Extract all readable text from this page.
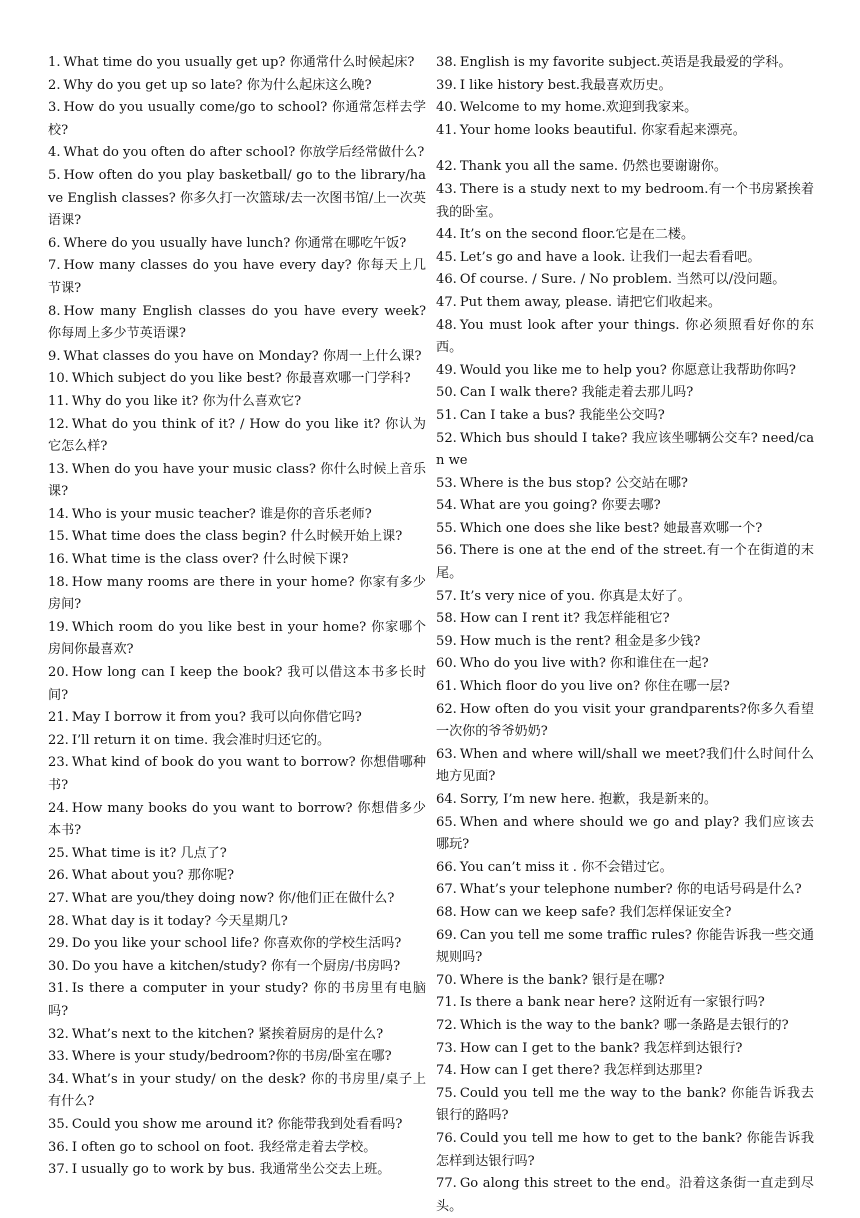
1. What time do you usually get up? 你通常什么时候起床?

2. Why do you get up so late? 你为什么起床这么晚?

3. How do you usually come/go to school? 你通常怎样去学校?

4. What do you often do after school? 你放学后经常做什么?

5. How often do you play basketball/ go to the library/have English classes? 你多久打一次篮球/去一次图书馆/上一次英语课?

6. Where do you usually have lunch? 你通常在哪吃午饭?

7. How many classes do you have every day? 你每天上几节课?

8. How many English classes do you have every week? 你每周上多少节英语课?

9. What classes do you have on Monday? 你周一上什么课?

10. Which subject do you like best? 你最喜欢哪一门学科?

11. Why do you like it? 你为什么喜欢它?

12. What do you think of it? / How do you like it? 你认为它怎么样?

13. When do you have your music class? 你什么时候上音乐课?

14. Who is your music teacher? 谁是你的音乐老师?

15. What time does the class begin? 什么时候开始上课?

16. What time is the class over? 什么时候下课?

18. How many rooms are there in your home? 你家有多少房间?

19. Which room do you like best in your home? 你家哪个房间你最喜欢?

20. How long can I keep the book? 我可以借这本书多长时间?

21. May I borrow it from you? 我可以向你借它吗?

22. I’ll return it on time. 我会准时归还它的。

23. What kind of book do you want to borrow? 你想借哪种书?

24. How many books do you want to borrow? 你想借多少本书?

25. What time is it? 几点了?

26. What about you? 那你呢?

27. What are you/they doing now? 你/他们正在做什么?

28. What day is it today? 今天星期几?

29. Do you like your school life? 你喜欢你的学校生活吗?

30. Do you have a kitchen/study? 你有一个厨房/书房吗?

31. Is there a computer in your study? 你的书房里有电脑吗?

32. What’s next to the kitchen? 紧挨着厨房的是什么?

33. Where is your study/bedroom?你的书房/卧室在哪?

34. What’s in your study/ on the desk? 你的书房里/桌子上有什么?

35. Could you show me around it? 你能带我到处看看吗?

36. I often go to school on foot. 我经常走着去学校。

37. I usually go to work by bus. 我通常坐公交去上班。

38. English is my favorite subject.英语是我最爱的学科。

39. I like history best.我最喜欢历史。

40. Welcome to my home.欢迎到我家来。

41. Your home looks beautiful. 你家看起来漂亮。

42. Thank you all the same. 仍然也要谢谢你。

43. There is a study next to my bedroom.有一个书房紧挨着我的卧室。

44. It’s on the second floor.它是在二楼。

45. Let’s go and have a look. 让我们一起去看看吧。

46. Of course. / Sure. / No problem. 当然可以/没问题。

47. Put them away, please. 请把它们收起来。

48. You must look after your things. 你必须照看好你的东西。

49. Would you like me to help you? 你愿意让我帮助你吗?

50. Can I walk there? 我能走着去那儿吗?

51. Can I take a bus? 我能坐公交吗?

52. Which bus should I take? 我应该坐哪辆公交车? need/can we

53. Where is the bus stop? 公交站在哪?

54. What are you going? 你要去哪?

55. Which one does she like best? 她最喜欢哪一个?

56. There is one at the end of the street.有一个在街道的末尾。

57. It’s very nice of you. 你真是太好了。

58. How can I rent it? 我怎样能租它?

59. How much is the rent? 租金是多少钱?

60. Who do you live with? 你和谁住在一起?

61. Which floor do you live on? 你住在哪一层?

62. How often do you visit your grandparents?你多久看望一次你的爷爷奶奶?

63. When and where will/shall we meet?我们什么时间什么地方见面?

64. Sorry, I’m new here. 抱歉，我是新来的。

65. When and where should we go and play? 我们应该去哪玩?

66. You can’t miss it . 你不会错过它。

67. What’s your telephone number? 你的电话号码是什么?

68. How can we keep safe? 我们怎样保证安全?

69. Can you tell me some traffic rules? 你能告诉我一些交通规则吗?

70. Where is the bank? 银行是在哪?

71. Is there a bank near here? 这附近有一家银行吗?

72. Which is the way to the bank? 哪一条路是去银行的?

73. How can I get to the bank? 我怎样到达银行?

74. How can I get there? 我怎样到达那里?

75. Could you tell me the way to the bank? 你能告诉我去银行的路吗?

76. Could you tell me how to get to the bank? 你能告诉我怎样到达银行吗?

77. Go along this street to the end。沿着这条街一直走到尽头。
